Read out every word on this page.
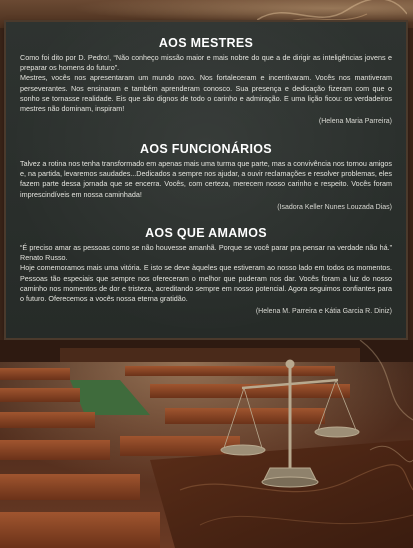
AOS MESTRES

Como foi dito por D. Pedro!, “Não conheço missão maior e mais nobre do que a de dirigir as inteligências jovens e preparar os homens do futuro”.

Mestres, vocês nos apresentaram um mundo novo. Nos fortaleceram e incentivaram. Vocês nos mantiveram perseverantes. Nos ensinaram e também aprenderam conosco. Sua presença e dedicação fizeram com que o sonho se tornasse realidade. Eis que são dignos de todo o carinho e admiração. E uma lição ficou: os verdadeiros mestres não dominam, inspiram!

(Helena Maria Parreira)
AOS FUNCIONÁRIOS

Talvez a rotina nos tenha transformado em apenas mais uma turma que parte, mas a convivência nos tornou amigos e, na partida, levaremos saudades...Dedicados a sempre nos ajudar, a ouvir reclamações e resolver problemas, eles fazem parte dessa jornada que se encerra. Vocês, com certeza, merecem nosso carinho e respeito. Vocês foram imprescindíveis em nossa caminhada!

(Isadora Keller Nunes Louzada Dias)
AOS QUE AMAMOS

“É preciso amar as pessoas como se não houvesse amanhã. Porque se você parar pra pensar na verdade não há.” Renato Russo.

Hoje comemoramos mais uma vitória. E isto se deve àqueles que estiveram ao nosso lado em todos os momentos. Pessoas tão especiais que sempre nos ofereceram o melhor que puderam nos dar. Vocês foram a luz do nosso caminho nos momentos de dor e tristeza, acreditando sempre em nosso potencial. Agora seguimos confiantes para o futuro. Oferecemos a vocês nossa eterna gratidão.

(Helena M. Parreira e Kátia Garcia R. Diniz)
